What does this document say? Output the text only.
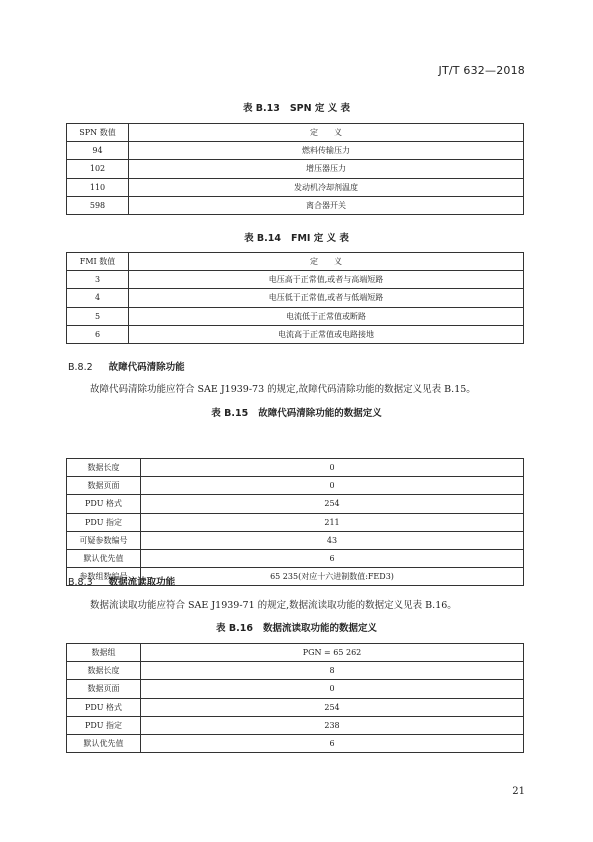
JT/T 632—2018
表 B.13 SPN 定 义 表
SPN 数值	定　　义
94	燃料传输压力
102	增压器压力
110	发动机冷却剂温度
598	离合器开关
表 B.14 FMI 定 义 表
FMI 数值	定　　义
3	电压高于正常值,或者与高端短路
4	电压低于正常值,或者与低端短路
5	电流低于正常值或断路
6	电流高于正常值或电路接地
B.8.2 故障代码清除功能
故障代码清除功能应符合 SAE J1939-73 的规定,故障代码清除功能的数据定义见表 B.15。
表 B.15 故障代码清除功能的数据定义
数据长度	0
数据页面	0
PDU 格式	254
PDU 指定	211
可疑参数编号	43
默认优先值	6
参数组数编号	65 235(对应十六进制数值:FED3)
B.8.3 数据流读取功能
数据流读取功能应符合 SAE J1939-71 的规定,数据流读取功能的数据定义见表 B.16。
表 B.16 数据流读取功能的数据定义
数据组	PGN = 65 262
数据长度	8
数据页面	0
PDU 格式	254
PDU 指定	238
默认优先值	6
21
